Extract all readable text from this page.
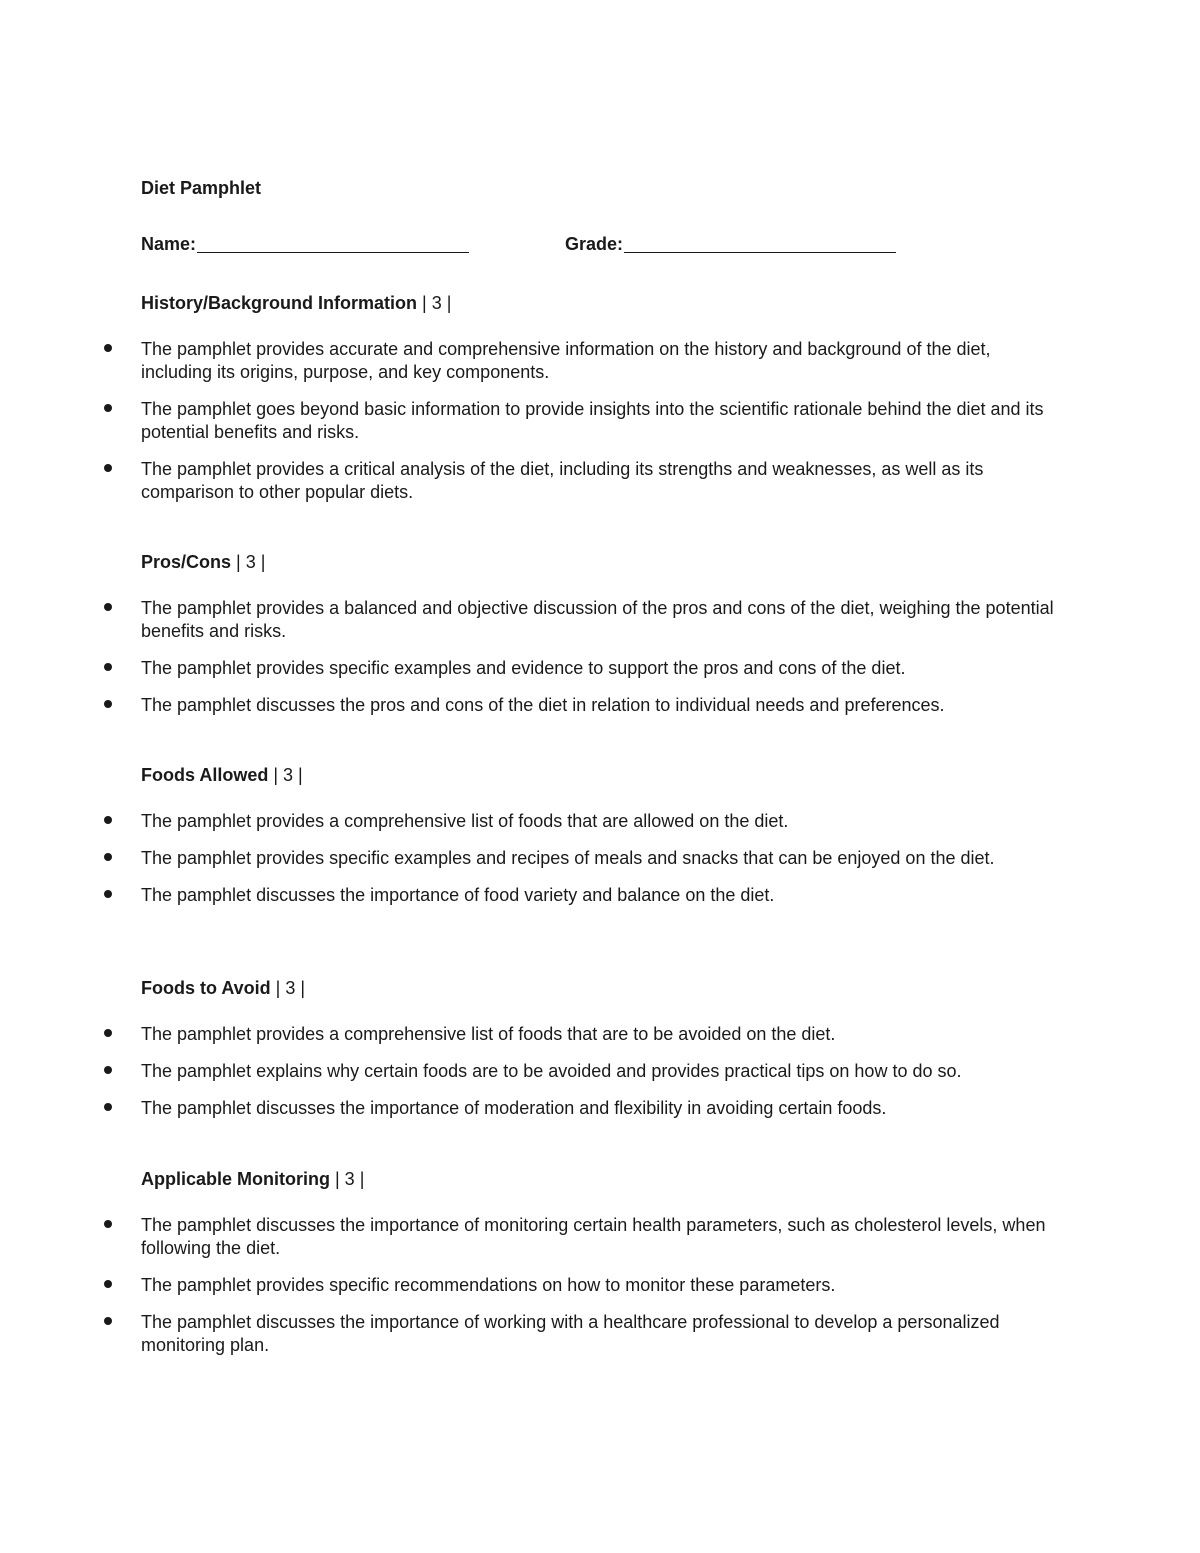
Diet Pamphlet
Name:	Grade:
History/Background Information | 3 |
The pamphlet provides accurate and comprehensive information on the history and background of the diet, including its origins, purpose, and key components.
The pamphlet goes beyond basic information to provide insights into the scientific rationale behind the diet and its potential benefits and risks.
The pamphlet provides a critical analysis of the diet, including its strengths and weaknesses, as well as its comparison to other popular diets.
Pros/Cons | 3 |
The pamphlet provides a balanced and objective discussion of the pros and cons of the diet, weighing the potential benefits and risks.
The pamphlet provides specific examples and evidence to support the pros and cons of the diet.
The pamphlet discusses the pros and cons of the diet in relation to individual needs and preferences.
Foods Allowed | 3 |
The pamphlet provides a comprehensive list of foods that are allowed on the diet.
The pamphlet provides specific examples and recipes of meals and snacks that can be enjoyed on the diet.
The pamphlet discusses the importance of food variety and balance on the diet.
Foods to Avoid | 3 |
The pamphlet provides a comprehensive list of foods that are to be avoided on the diet.
The pamphlet explains why certain foods are to be avoided and provides practical tips on how to do so.
The pamphlet discusses the importance of moderation and flexibility in avoiding certain foods.
Applicable Monitoring | 3 |
The pamphlet discusses the importance of monitoring certain health parameters, such as cholesterol levels, when following the diet.
The pamphlet provides specific recommendations on how to monitor these parameters.
The pamphlet discusses the importance of working with a healthcare professional to develop a personalized monitoring plan.
